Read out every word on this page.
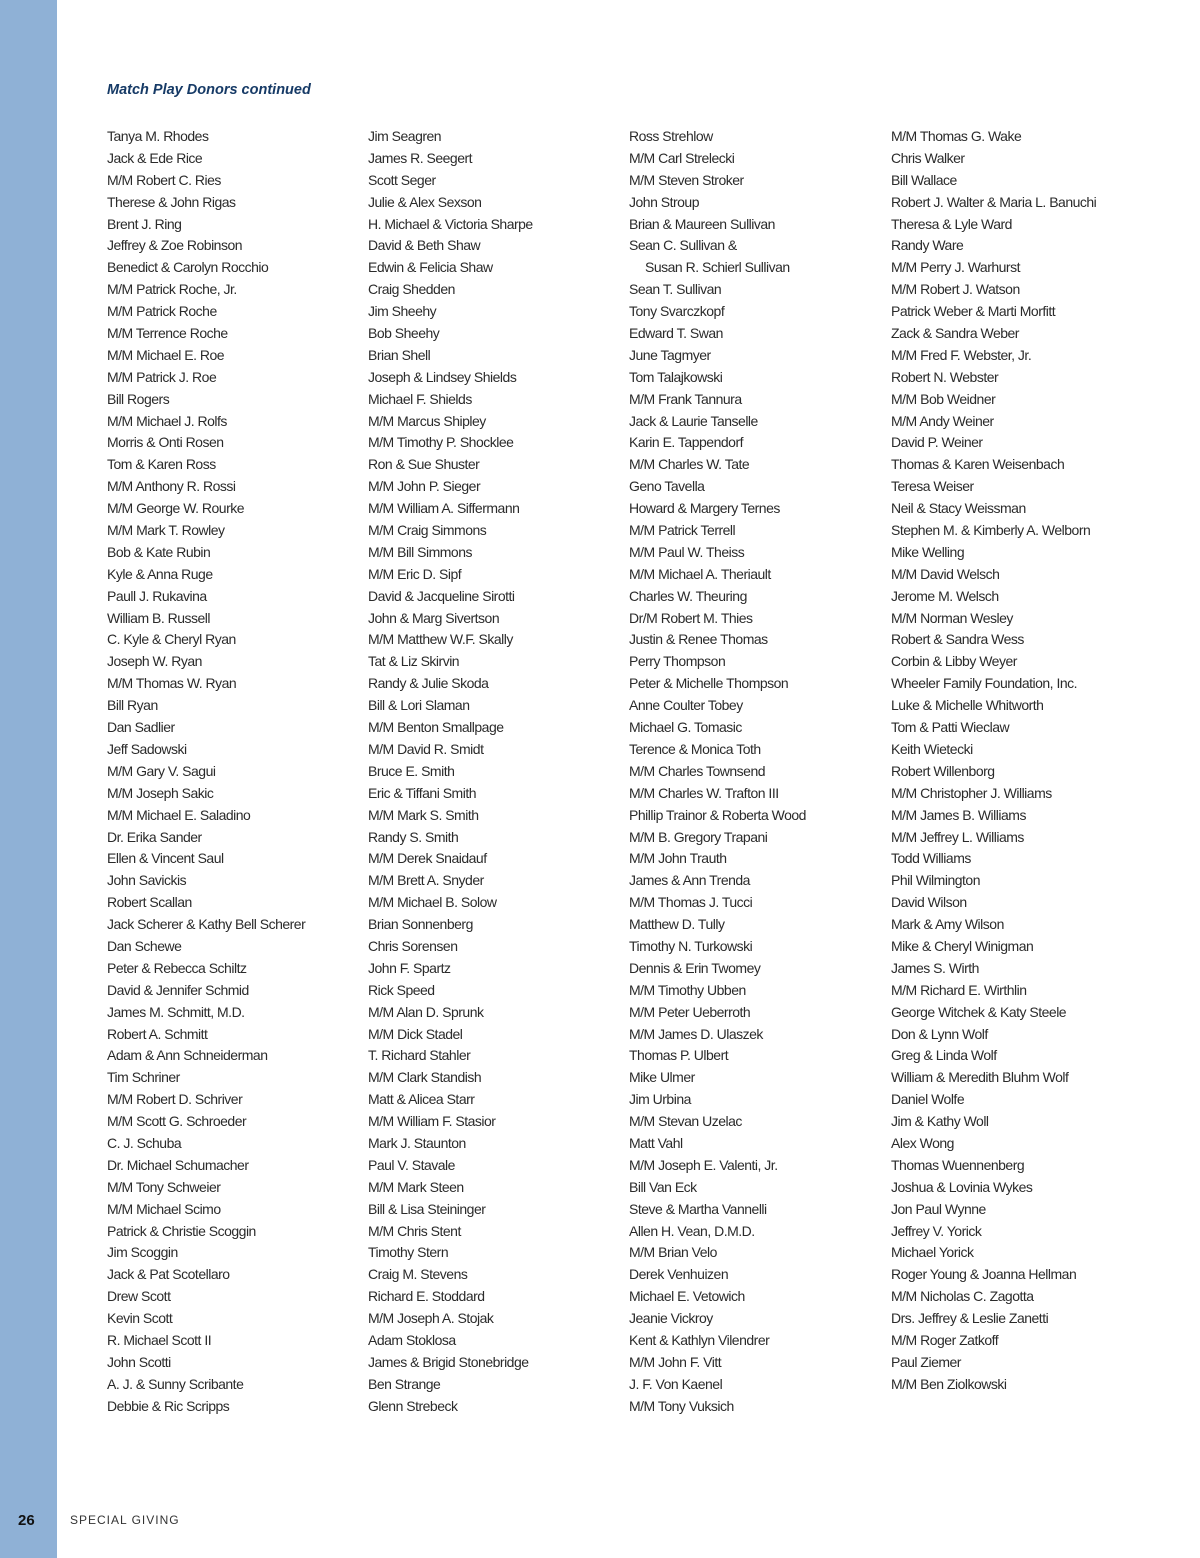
Match Play Donors continued
Tanya M. Rhodes
Jack & Ede Rice
M/M Robert C. Ries
Therese & John Rigas
Brent J. Ring
Jeffrey & Zoe Robinson
Benedict & Carolyn Rocchio
M/M Patrick Roche, Jr.
M/M Patrick Roche
M/M Terrence Roche
M/M Michael E. Roe
M/M Patrick J. Roe
Bill Rogers
M/M Michael J. Rolfs
Morris & Onti Rosen
Tom & Karen Ross
M/M Anthony R. Rossi
M/M George W. Rourke
M/M Mark T. Rowley
Bob & Kate Rubin
Kyle & Anna Ruge
Paull J. Rukavina
William B. Russell
C. Kyle & Cheryl Ryan
Joseph W. Ryan
M/M Thomas W. Ryan
Bill Ryan
Dan Sadlier
Jeff Sadowski
M/M Gary V. Sagui
M/M Joseph Sakic
M/M Michael E. Saladino
Dr. Erika Sander
Ellen & Vincent Saul
John Savickis
Robert Scallan
Jack Scherer & Kathy Bell Scherer
Dan Schewe
Peter & Rebecca Schiltz
David & Jennifer Schmid
James M. Schmitt, M.D.
Robert A. Schmitt
Adam & Ann Schneiderman
Tim Schriner
M/M Robert D. Schriver
M/M Scott G. Schroeder
C. J. Schuba
Dr. Michael Schumacher
M/M Tony Schweier
M/M Michael Scimo
Patrick & Christie Scoggin
Jim Scoggin
Jack & Pat Scotellaro
Drew Scott
Kevin Scott
R. Michael Scott II
John Scotti
A. J. & Sunny Scribante
Debbie & Ric Scripps
Jim Seagren
James R. Seegert
Scott Seger
Julie & Alex Sexson
H. Michael & Victoria Sharpe
David & Beth Shaw
Edwin & Felicia Shaw
Craig Shedden
Jim Sheehy
Bob Sheehy
Brian Shell
Joseph & Lindsey Shields
Michael F. Shields
M/M Marcus Shipley
M/M Timothy P. Shocklee
Ron & Sue Shuster
M/M John P. Sieger
M/M William A. Siffermann
M/M Craig Simmons
M/M Bill Simmons
M/M Eric D. Sipf
David & Jacqueline Sirotti
John & Marg Sivertson
M/M Matthew W.F. Skally
Tat & Liz Skirvin
Randy & Julie Skoda
Bill & Lori Slaman
M/M Benton Smallpage
M/M David R. Smidt
Bruce E. Smith
Eric & Tiffani Smith
M/M Mark S. Smith
Randy S. Smith
M/M Derek Snaidauf
M/M Brett A. Snyder
M/M Michael B. Solow
Brian Sonnenberg
Chris Sorensen
John F. Spartz
Rick Speed
M/M Alan D. Sprunk
M/M Dick Stadel
T. Richard Stahler
M/M Clark Standish
Matt & Alicea Starr
M/M William F. Stasior
Mark J. Staunton
Paul V. Stavale
M/M Mark Steen
Bill & Lisa Steininger
M/M Chris Stent
Timothy Stern
Craig M. Stevens
Richard E. Stoddard
M/M Joseph A. Stojak
Adam Stoklosa
James & Brigid Stonebridge
Ben Strange
Glenn Strebeck
Ross Strehlow
M/M Carl Strelecki
M/M Steven Stroker
John Stroup
Brian & Maureen Sullivan
Sean C. Sullivan &
Susan R. Schierl Sullivan
Sean T. Sullivan
Tony Svarczkopf
Edward T. Swan
June Tagmyer
Tom Talajkowski
M/M Frank Tannura
Jack & Laurie Tanselle
Karin E. Tappendorf
M/M Charles W. Tate
Geno Tavella
Howard & Margery Ternes
M/M Patrick Terrell
M/M Paul W. Theiss
M/M Michael A. Theriault
Charles W. Theuring
Dr/M Robert M. Thies
Justin & Renee Thomas
Perry Thompson
Peter & Michelle Thompson
Anne Coulter Tobey
Michael G. Tomasic
Terence & Monica Toth
M/M Charles Townsend
M/M Charles W. Trafton III
Phillip Trainor & Roberta Wood
M/M B. Gregory Trapani
M/M John Trauth
James & Ann Trenda
M/M Thomas J. Tucci
Matthew D. Tully
Timothy N. Turkowski
Dennis & Erin Twomey
M/M Timothy Ubben
M/M Peter Ueberroth
M/M James D. Ulaszek
Thomas P. Ulbert
Mike Ulmer
Jim Urbina
M/M Stevan Uzelac
Matt Vahl
M/M Joseph E. Valenti, Jr.
Bill Van Eck
Steve & Martha Vannelli
Allen H. Vean, D.M.D.
M/M Brian Velo
Derek Venhuizen
Michael E. Vetowich
Jeanie Vickroy
Kent & Kathlyn Vilendrer
M/M John F. Vitt
J. F. Von Kaenel
M/M Tony Vuksich
M/M Thomas G. Wake
Chris Walker
Bill Wallace
Robert J. Walter & Maria L. Banuchi
Theresa & Lyle Ward
Randy Ware
M/M Perry J. Warhurst
M/M Robert J. Watson
Patrick Weber & Marti Morfitt
Zack & Sandra Weber
M/M Fred F. Webster, Jr.
Robert N. Webster
M/M Bob Weidner
M/M Andy Weiner
David P. Weiner
Thomas & Karen Weisenbach
Teresa Weiser
Neil & Stacy Weissman
Stephen M. & Kimberly A. Welborn
Mike Welling
M/M David Welsch
Jerome M. Welsch
M/M Norman Wesley
Robert & Sandra Wess
Corbin & Libby Weyer
Wheeler Family Foundation, Inc.
Luke & Michelle Whitworth
Tom & Patti Wieclaw
Keith Wietecki
Robert Willenborg
M/M Christopher J. Williams
M/M James B. Williams
M/M Jeffrey L. Williams
Todd Williams
Phil Wilmington
David Wilson
Mark & Amy Wilson
Mike & Cheryl Winigman
James S. Wirth
M/M Richard E. Wirthlin
George Witchek & Katy Steele
Don & Lynn Wolf
Greg & Linda Wolf
William & Meredith Bluhm Wolf
Daniel Wolfe
Jim & Kathy Woll
Alex Wong
Thomas Wuennenberg
Joshua & Lovinia Wykes
Jon Paul Wynne
Jeffrey V. Yorick
Michael Yorick
Roger Young & Joanna Hellman
M/M Nicholas C. Zagotta
Drs. Jeffrey & Leslie Zanetti
M/M Roger Zatkoff
Paul Ziemer
M/M Ben Ziolkowski
26	SPECIAL GIVING
